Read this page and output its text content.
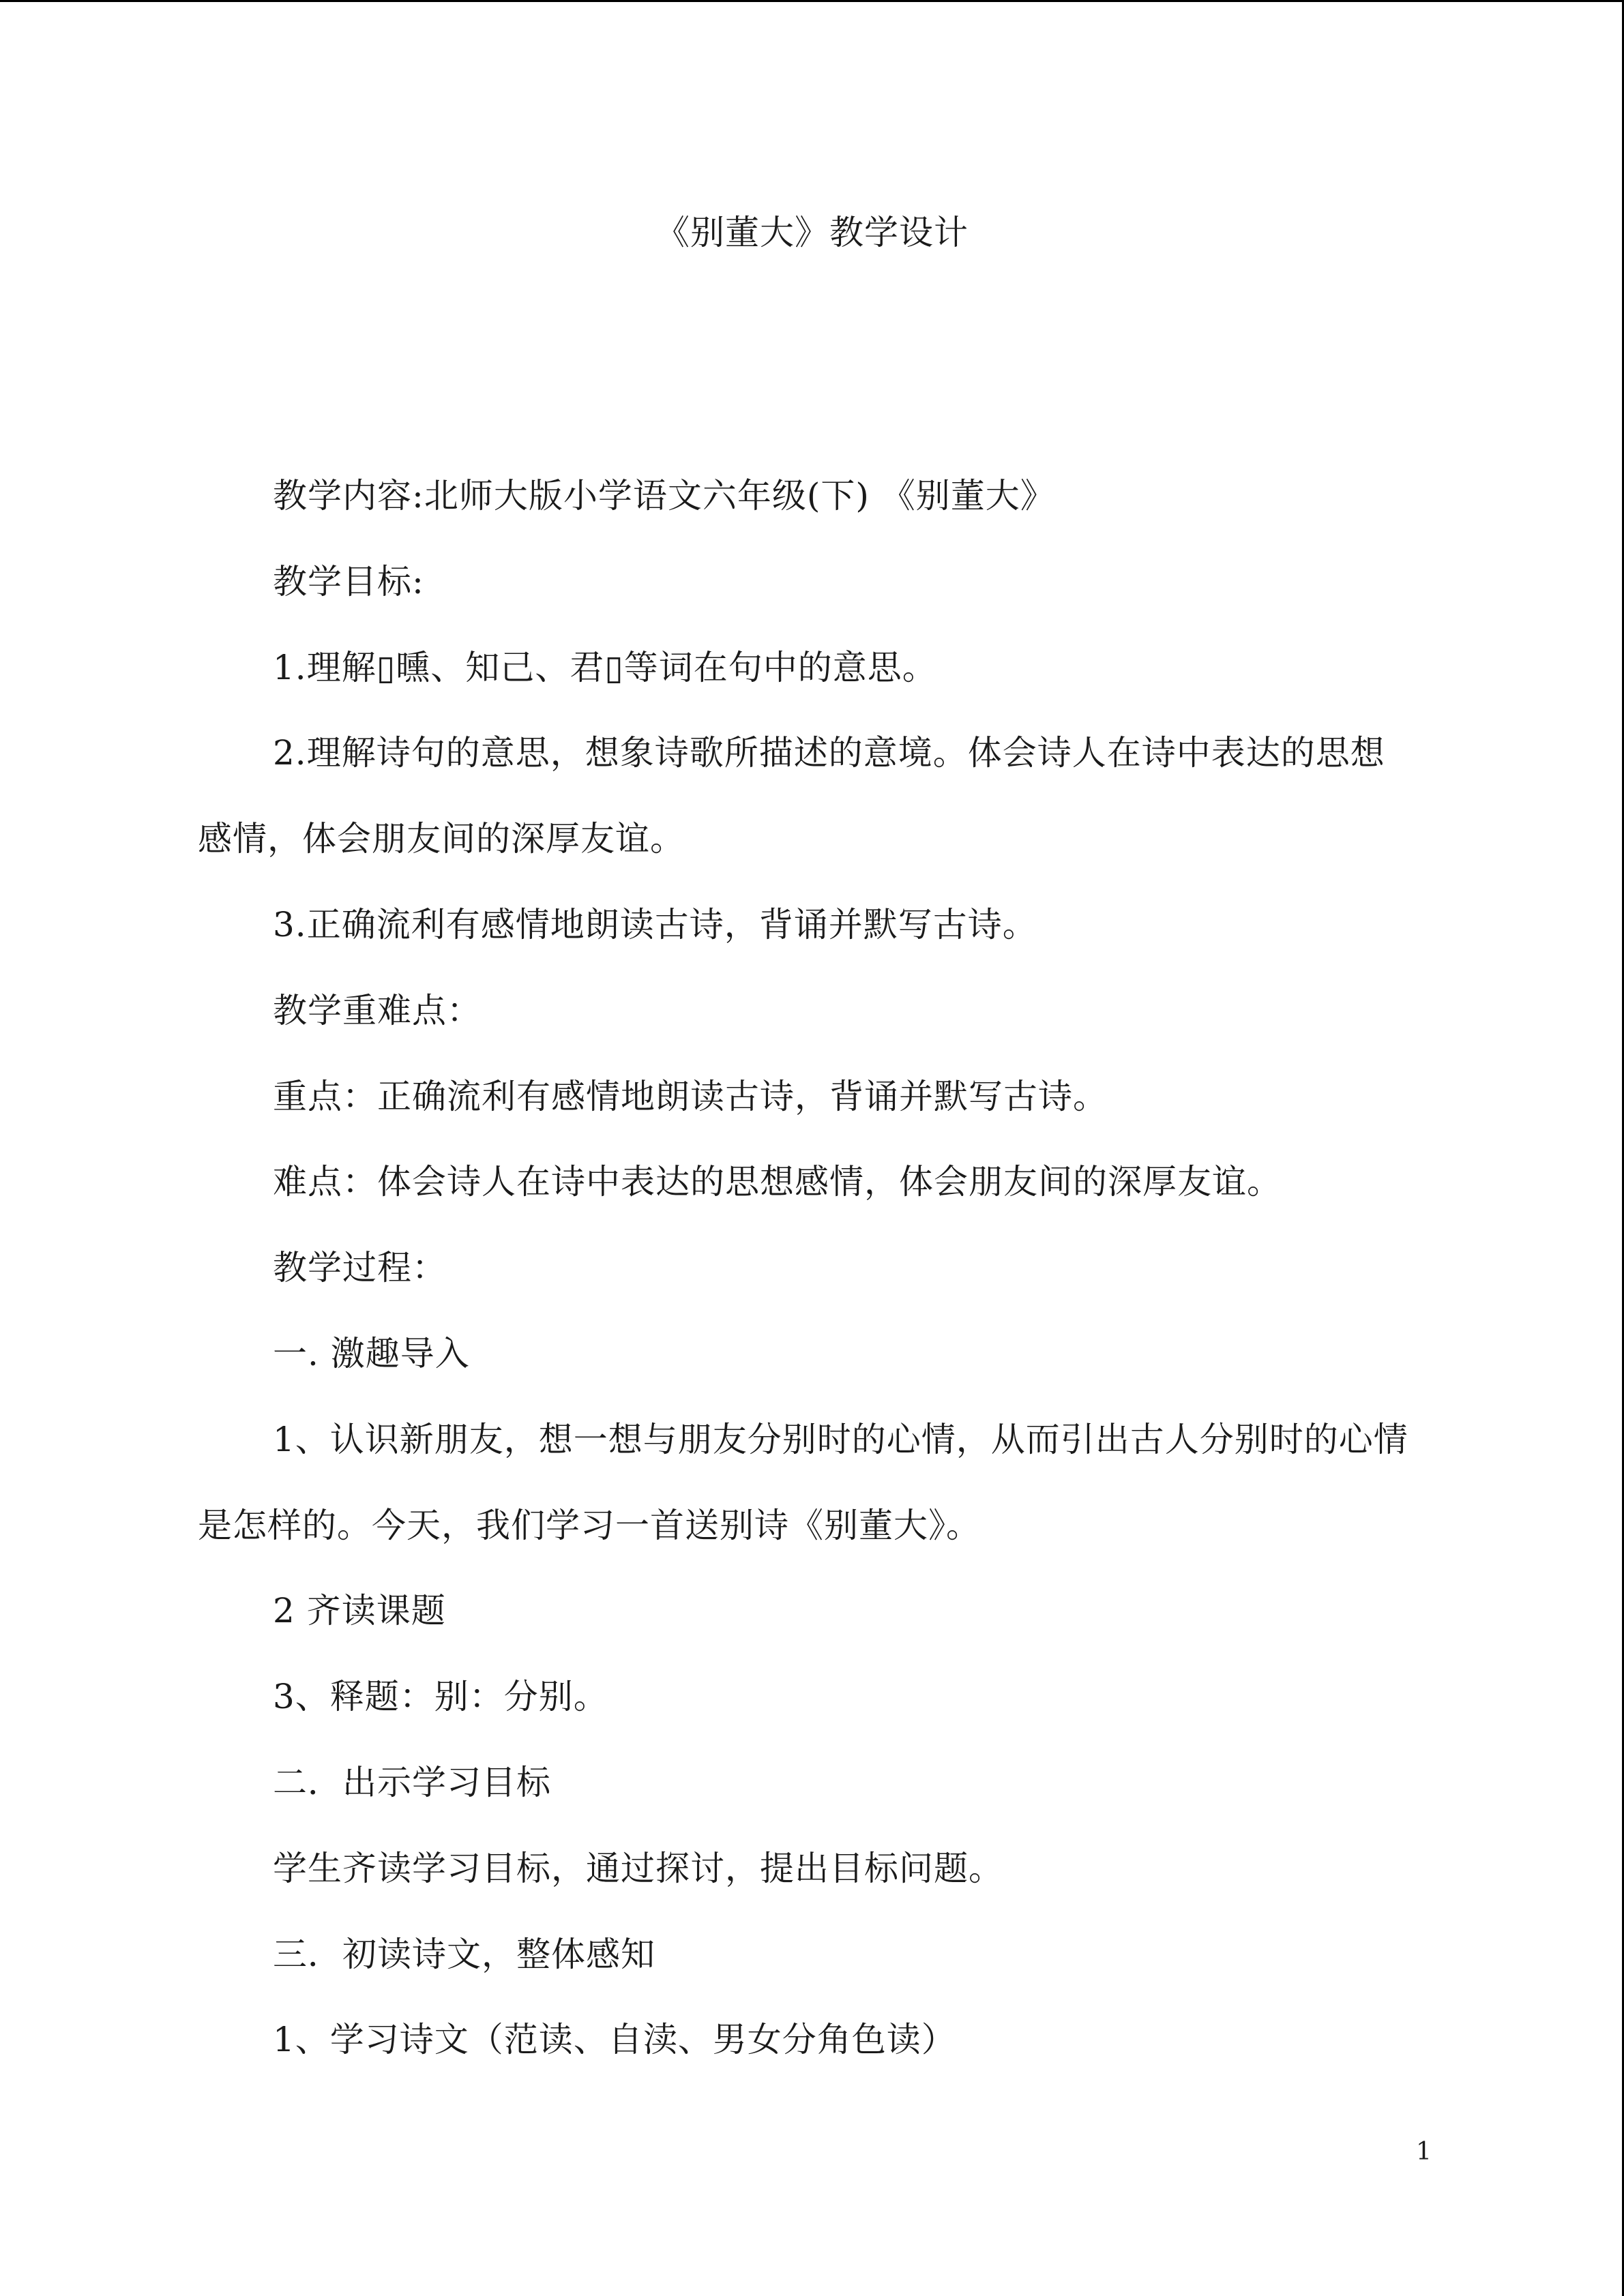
《别董大》教学设计

教学内容:北师大版小学语文六年级(下) 《别董大》

教学目标:

1.理解▯曛、知己、君▯等词在句中的意思。

2.理解诗句的意思，想象诗歌所描述的意境。体会诗人在诗中表达的思想感情，体会朋友间的深厚友谊。

3.正确流利有感情地朗读古诗，背诵并默写古诗。

教学重难点：

重点：正确流利有感情地朗读古诗，背诵并默写古诗。

难点：体会诗人在诗中表达的思想感情，体会朋友间的深厚友谊。

教学过程：

一. 激趣导入

1、认识新朋友，想一想与朋友分别时的心情，从而引出古人分别时的心情是怎样的。今天，我们学习一首送别诗《别董大》。

2 齐读课题

3、释题：别：分别。

二．出示学习目标

学生齐读学习目标，通过探讨，提出目标问题。

三．初读诗文，整体感知

1、学习诗文（范读、自渎、男女分角色读）

1
